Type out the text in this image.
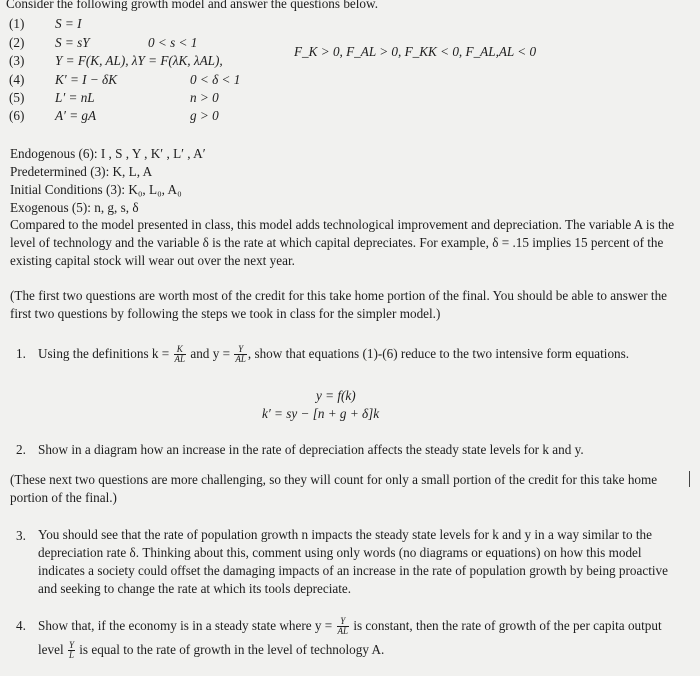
Consider the following growth model and answer the questions below.
(1) S = I
(2) S = sY	0 < s < 1
(3) Y = F(K, AL), λY = F(λK, λAL),
F_K > 0, F_AL > 0, F_KK < 0, F_AL,AL < 0
(4) K′ = I − δK	0 < δ < 1
(5) L′ = nL	n > 0
(6) A′ = gA	g > 0
Endogenous (6): I , S , Y , K′ , L′ , A′
Predetermined (3): K, L, A
Initial Conditions (3): K₀, L₀, A₀
Exogenous (5): n, g, s, δ
Compared to the model presented in class, this model adds technological improvement and depreciation. The variable A is the level of technology and the variable δ is the rate at which capital depreciates. For example, δ = .15 implies 15 percent of the existing capital stock will wear out over the next year.
(The first two questions are worth most of the credit for this take home portion of the final. You should be able to answer the first two questions by following the steps we took in class for the simpler model.)
1. Using the definitions $k = \frac{K}{AL}$ and $y = \frac{Y}{AL}$ , show that equations (1)-(6) reduce to the two intensive form equations.
y = f(k)
k′ = sy − [n + g + δ]k
2. Show in a diagram how an increase in the rate of depreciation affects the steady state levels for k and y.
(These next two questions are more challenging, so they will count for only a small portion of the credit for this take home portion of the final.)
3. You should see that the rate of population growth n impacts the steady state levels for k and y in a way similar to the depreciation rate δ. Thinking about this, comment using only words (no diagrams or equations) on how this model indicates a society could offset the damaging impacts of an increase in the rate of population growth by being proactive and seeking to change the rate at which its tools depreciate.
4. Show that, if the economy is in a steady state where $y = \frac{Y}{AL}$ is constant, then the rate of growth of the per capita output level $\frac{Y}{L}$ is equal to the rate of growth in the level of technology A.
